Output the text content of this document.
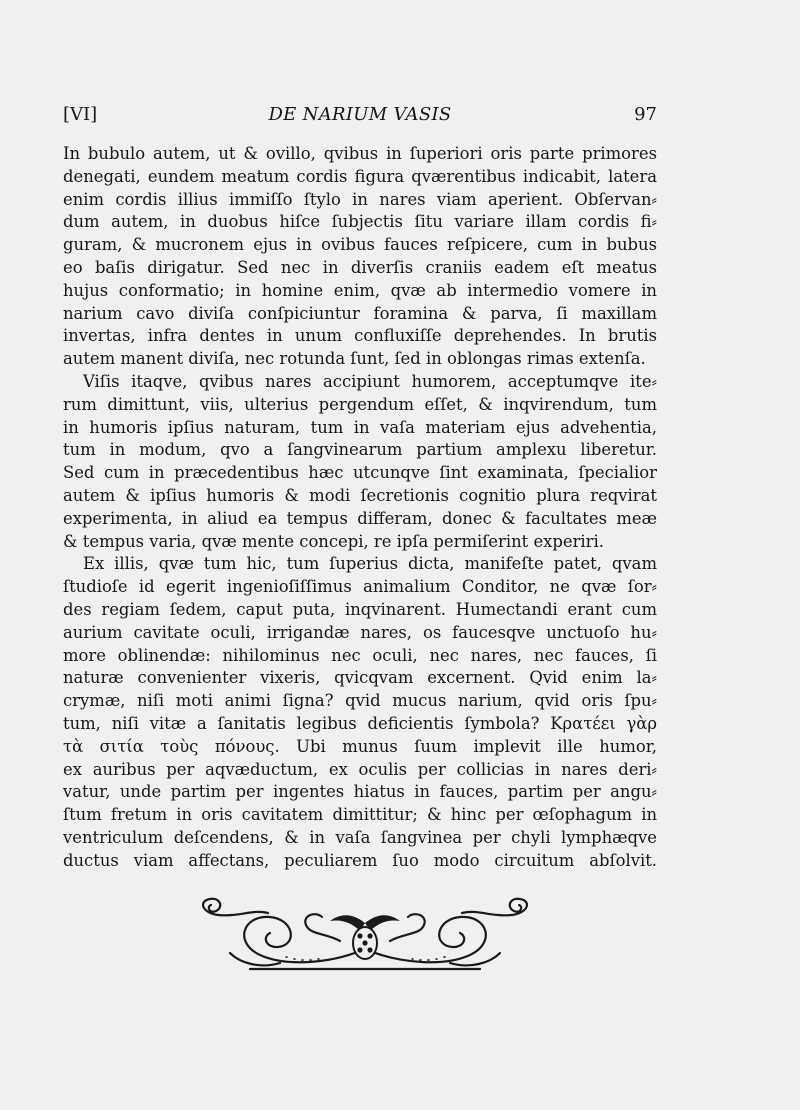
[VI]	DE NARIUM VASIS	97
In bubulo autem, ut & ovillo, qvibus in ſuperiori oris parte primores
denegati, eundem meatum cordis figura qværentibus indicabit, latera
enim cordis illius immiſſo ſtylo in nares viam aperient. Obſervan⸗
dum autem, in duobus hiſce ſubjectis ſitu variare illam cordis fi⸗
guram, & mucronem ejus in ovibus fauces reſpicere, cum in bubus
eo baſis dirigatur. Sed nec in diverſis craniis eadem eſt meatus
hujus conformatio; in homine enim, qvæ ab intermedio vomere in
narium cavo diviſa conſpiciuntur foramina & parva, ſi maxillam
invertas, infra dentes in unum confluxiſſe deprehendes. In brutis
autem manent diviſa, nec rotunda ſunt, ſed in oblongas rimas extenſa.
Viſis itaqve, qvibus nares accipiunt humorem, acceptumqve ite⸗
rum dimittunt, viis, ulterius pergendum eſſet, & inqvirendum, tum
in humoris ipſius naturam, tum in vaſa materiam ejus advehentia,
tum in modum, qvo a ſangvinearum partium amplexu liberetur.
Sed cum in præcedentibus hæc utcunqve ſint examinata, ſpecialior
autem & ipſius humoris & modi ſecretionis cognitio plura reqvirat
experimenta, in aliud ea tempus differam, donec & facultates meæ
& tempus varia, qvæ mente concepi, re ipſa permiſerint experiri.
Ex illis, qvæ tum hic, tum ſuperius dicta, manifeſte patet, qvam
ſtudioſe id egerit ingenioſiſſimus animalium Conditor, ne qvæ ſor⸗
des regiam ſedem, caput puta, inqvinarent. Humectandi erant cum
aurium cavitate oculi, irrigandæ nares, os faucesqve unctuoſo hu⸗
more oblinendæ: nihilominus nec oculi, nec nares, nec fauces, ſi
naturæ convenienter vixeris, qvicqvam excernent. Qvid enim la⸗
crymæ, niſi moti animi ſigna? qvid mucus narium, qvid oris ſpu⸗
tum, niſi vitæ a ſanitatis legibus deficientis ſymbola? Κρατέει γὰρ
τὰ σιτία τοὺς πόνους. Ubi munus ſuum implevit ille humor,
ex auribus per aqvæductum, ex oculis per collicias in nares deri⸗
vatur, unde partim per ingentes hiatus in fauces, partim per angu⸗
ſtum fretum in oris cavitatem dimittitur; & hinc per œſophagum in
ventriculum deſcendens, & in vaſa ſangvinea per chyli lymphæqve
ductus viam affectans, peculiarem ſuo modo circuitum abſolvit.
